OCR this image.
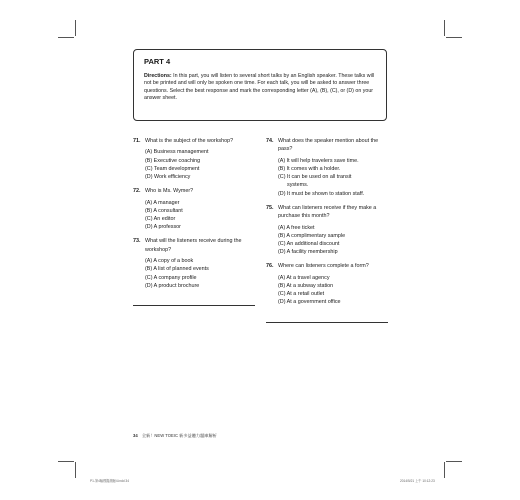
PART 4
Directions: In this part, you will listen to several short talks by an English speaker. These talks will not be printed and will only be spoken one time. For each talk, you will be asked to answer three questions. Select the best response and mark the corresponding letter (A), (B), (C), or (D) on your answer sheet.
71. What is the subject of the workshop?
(A) Business management
(B) Executive coaching
(C) Team development
(D) Work efficiency
72. Who is Ms. Wymer?
(A) A manager
(B) A consultant
(C) An editor
(D) A professor
73. What will the listeners receive during the workshop?
(A) A copy of a book
(B) A list of planned events
(C) A company profile
(D) A product brochure
74. What does the speaker mention about the pass?
(A) It will help travelers save time.
(B) It comes with a holder.
(C) It can be used on all transit
systems.
(D) It must be shown to station staff.
75. What can listeners receive if they make a purchase this month?
(A) A free ticket
(B) A complimentary sample
(C) An additional discount
(D) A facility membership
76. Where can listeners complete a form?
(A) At a travel agency
(B) At a subway station
(C) At a retail outlet
(D) At a government office
34 全新！NEW TOEIC 新多益聽力題庫解析
P1-第4輪模擬測驗4.indd 34	2014/5/21 上午 10:12:23
